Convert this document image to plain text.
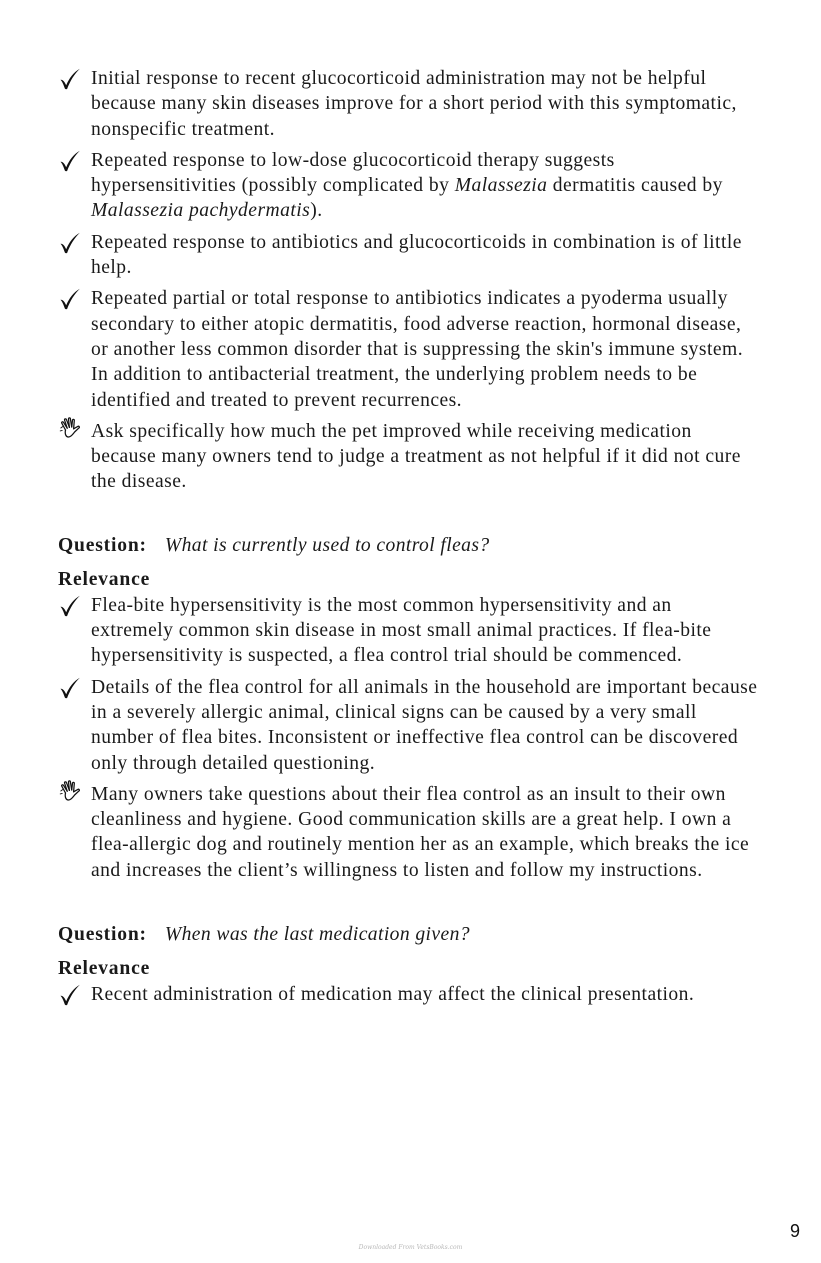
Initial response to recent glucocorticoid administration may not be helpful because many skin diseases improve for a short period with this symptomatic, nonspecific treatment.
Repeated response to low-dose glucocorticoid therapy suggests hypersensitivities (possibly complicated by Malassezia dermatitis caused by Malassezia pachydermatis).
Repeated response to antibiotics and glucocorticoids in combination is of little help.
Repeated partial or total response to antibiotics indicates a pyoderma usually secondary to either atopic dermatitis, food adverse reaction, hormonal disease, or another less common disorder that is suppressing the skin's immune system. In addition to antibacterial treatment, the underlying problem needs to be identified and treated to prevent recurrences.
Ask specifically how much the pet improved while receiving medication because many owners tend to judge a treatment as not helpful if it did not cure the disease.
Question: What is currently used to control fleas?
Relevance
Flea-bite hypersensitivity is the most common hypersensitivity and an extremely common skin disease in most small animal practices. If flea-bite hypersensitivity is suspected, a flea control trial should be commenced.
Details of the flea control for all animals in the household are important because in a severely allergic animal, clinical signs can be caused by a very small number of flea bites. Inconsistent or ineffective flea control can be discovered only through detailed questioning.
Many owners take questions about their flea control as an insult to their own cleanliness and hygiene. Good communication skills are a great help. I own a flea-allergic dog and routinely mention her as an example, which breaks the ice and increases the client’s willingness to listen and follow my instructions.
Question: When was the last medication given?
Relevance
Recent administration of medication may affect the clinical presentation.
9
Downloaded From VetsBooks.com
